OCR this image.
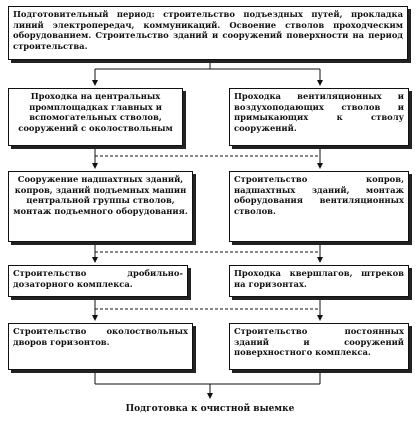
Подготовительный период: строительство подъездных путей, прокладка линий электропередач, коммуникаций. Освоение стволов проходческим оборудованием. Строительство зданий и сооружений поверхности на период строительства.
Проходка на центральных промплощадках главных и вспомогательных стволов, сооружений с околоствольным
Проходка вентиляционных и воздухоподающих стволов и примыкающих к стволу сооружений.
Сооружение надшахтных зданий, копров, зданий подъемных машин центральной группы стволов, монтаж подъемного оборудования.
Строительство копров, надшахтных зданий, монтаж оборудования вентиляционных стволов.
Строительство дробильно-дозаторного комплекса.
Проходка квершлагов, штреков на горизонтах.
Строительство околоствольных дворов горизонтов.
Строительство постоянных зданий и сооружений поверхностного комплекса.
Подготовка к очистной выемке
